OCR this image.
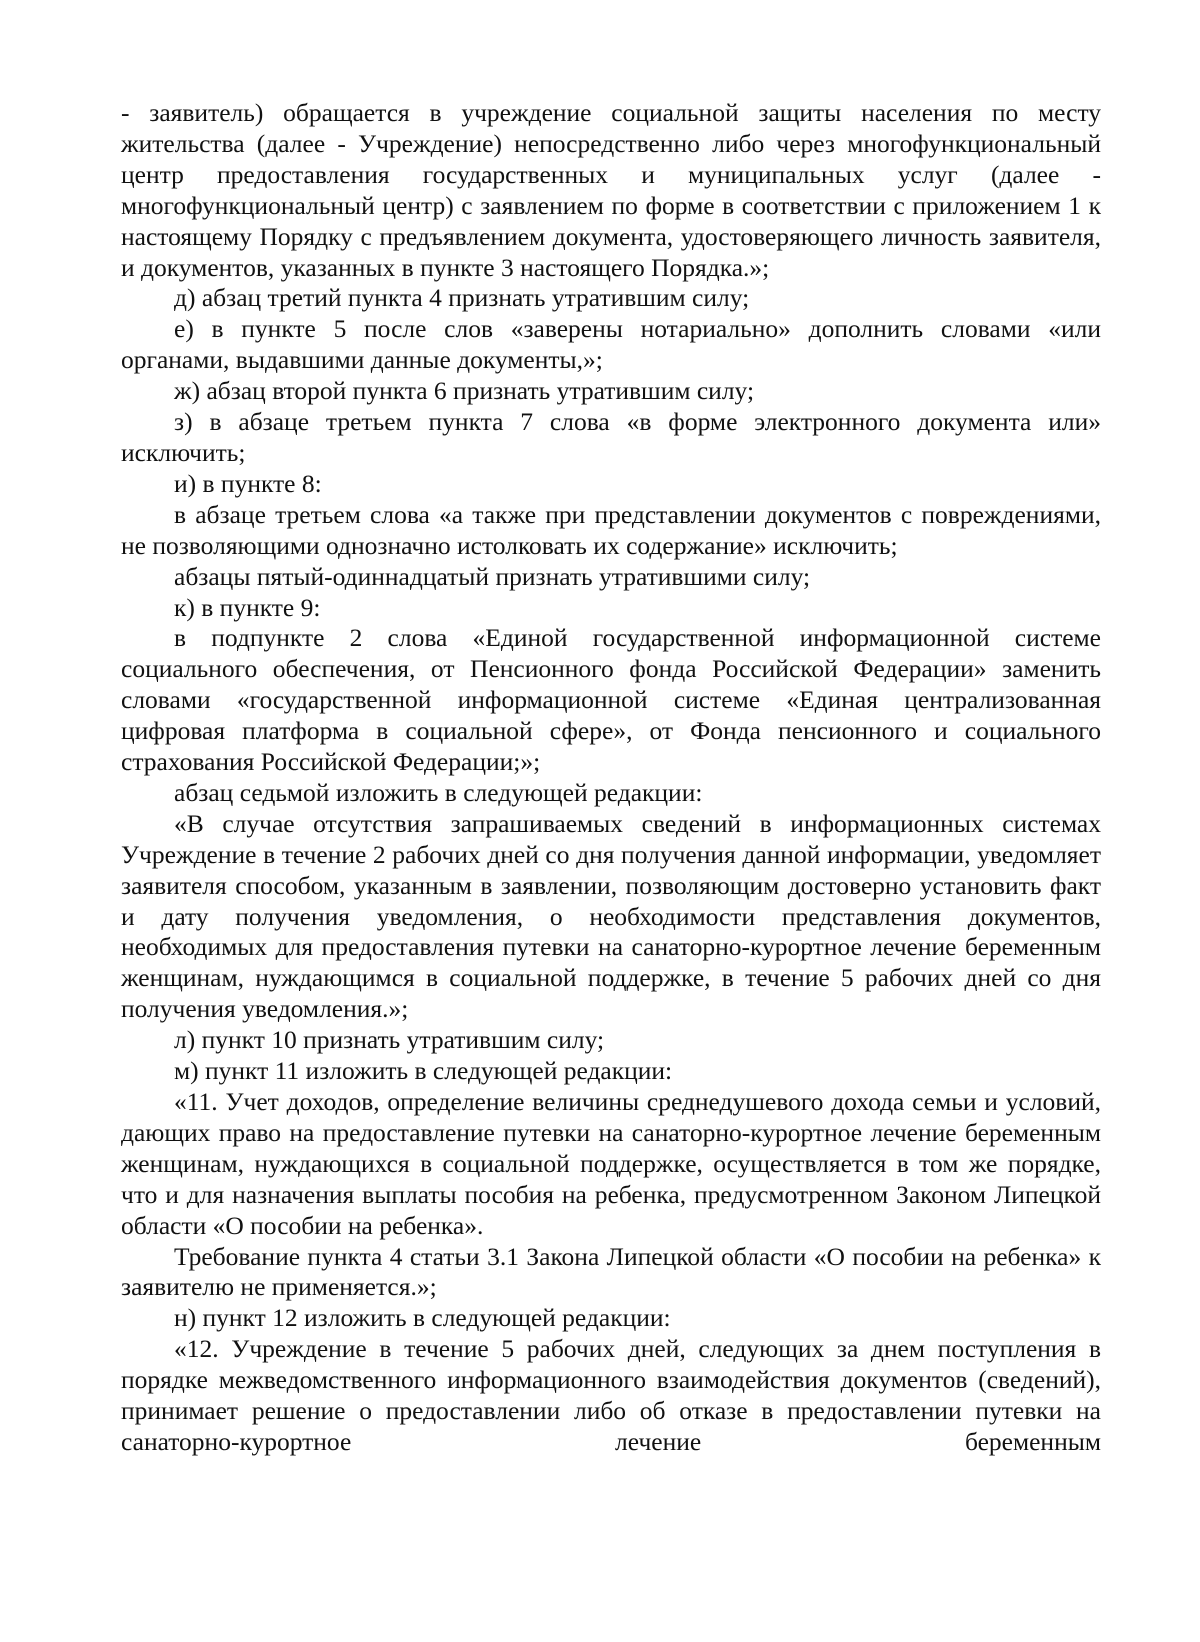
- заявитель) обращается в учреждение социальной защиты населения по месту жительства (далее - Учреждение) непосредственно либо через многофункциональный центр предоставления государственных и муниципальных услуг (далее - многофункциональный центр) с заявлением по форме в соответствии с приложением 1 к настоящему Порядку с предъявлением документа, удостоверяющего личность заявителя, и документов, указанных в пункте 3 настоящего Порядка.»;

д) абзац третий пункта 4 признать утратившим силу;

е) в пункте 5 после слов «заверены нотариально» дополнить словами «или органами, выдавшими данные документы,»;

ж) абзац второй пункта 6 признать утратившим силу;

з) в абзаце третьем пункта 7 слова «в форме электронного документа или» исключить;

и) в пункте 8:

в абзаце третьем слова «а также при представлении документов с повреждениями, не позволяющими однозначно истолковать их содержание» исключить;

абзацы пятый-одиннадцатый признать утратившими силу;

к) в пункте 9:

в подпункте 2 слова «Единой государственной информационной системе социального обеспечения, от Пенсионного фонда Российской Федерации» заменить словами «государственной информационной системе «Единая централизованная цифровая платформа в социальной сфере», от Фонда пенсионного и социального страхования Российской Федерации;»;

абзац седьмой изложить в следующей редакции:

«В случае отсутствия запрашиваемых сведений в информационных системах Учреждение в течение 2 рабочих дней со дня получения данной информации, уведомляет заявителя способом, указанным в заявлении, позволяющим достоверно установить факт и дату получения уведомления, о необходимости представления документов, необходимых для предоставления путевки на санаторно-курортное лечение беременным женщинам, нуждающимся в социальной поддержке, в течение 5 рабочих дней со дня получения уведомления.»;

л) пункт 10 признать утратившим силу;

м) пункт 11 изложить в следующей редакции:

«11. Учет доходов, определение величины среднедушевого дохода семьи и условий, дающих право на предоставление путевки на санаторно-курортное лечение беременным женщинам, нуждающихся в социальной поддержке, осуществляется в том же порядке, что и для назначения выплаты пособия на ребенка, предусмотренном Законом Липецкой области «О пособии на ребенка».

Требование пункта 4 статьи 3.1 Закона Липецкой области «О пособии на ребенка» к заявителю не применяется.»;

н) пункт 12 изложить в следующей редакции:

«12. Учреждение в течение 5 рабочих дней, следующих за днем поступления в порядке межведомственного информационного взаимодействия документов (сведений), принимает решение о предоставлении либо об отказе в предоставлении путевки на санаторно-курортное лечение беременным
